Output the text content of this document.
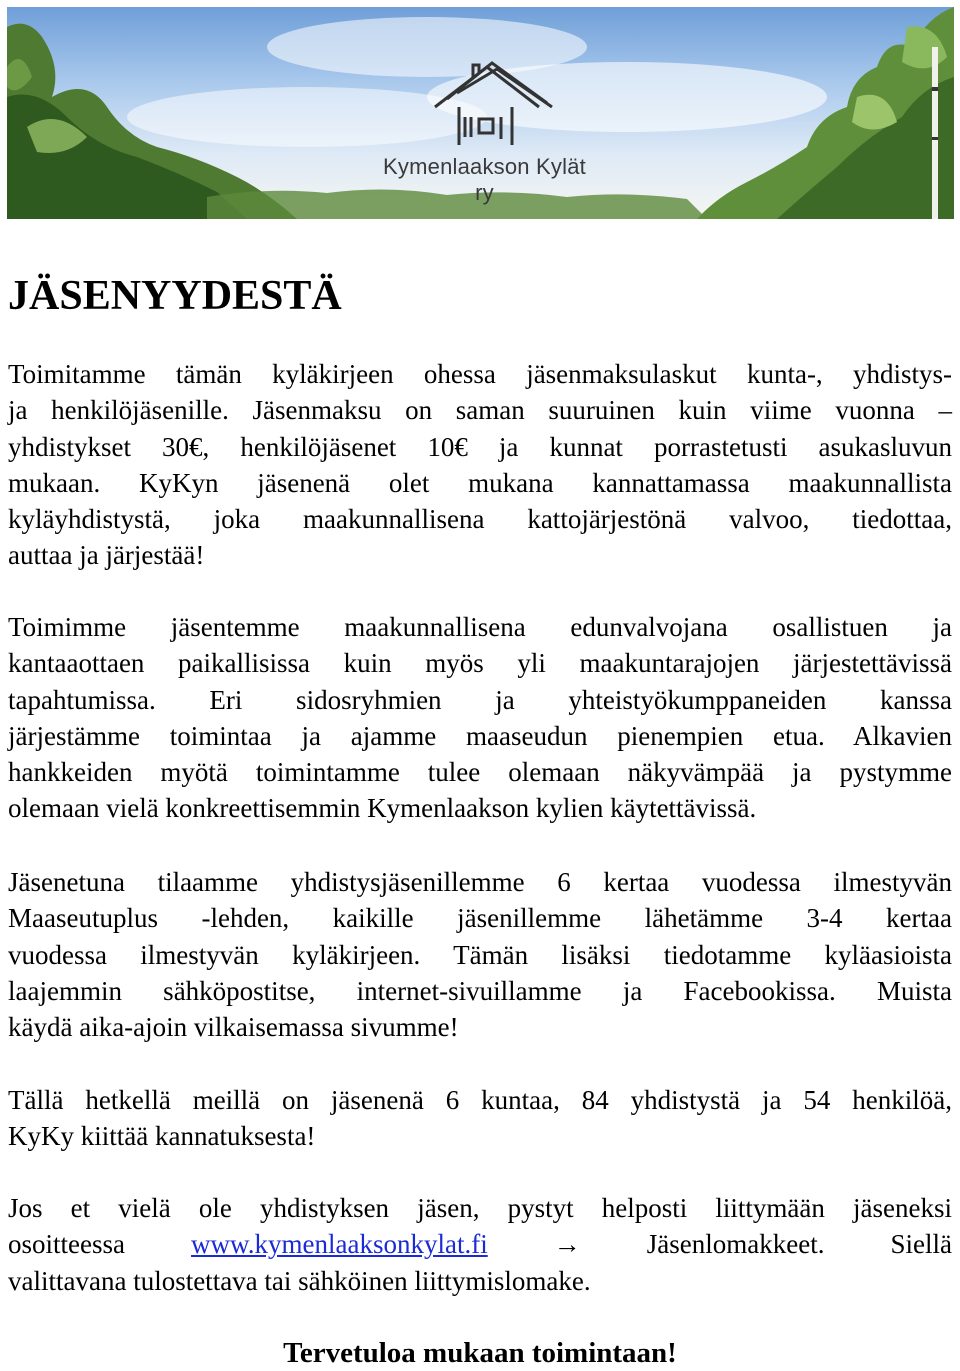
Kymenlaakson Kylät ry
JÄSENYYDESTÄ

Toimitamme tämän kyläkirjeen ohessa jäsenmaksulaskut kunta-, yhdistys-
ja henkilöjäsenille. Jäsenmaksu on saman suuruinen kuin viime vuonna –
yhdistykset 30€, henkilöjäsenet 10€ ja kunnat porrastetusti asukasluvun
mukaan. KyKyn jäsenenä olet mukana kannattamassa maakunnallista
kyläyhdistystä, joka maakunnallisena kattojärjestönä valvoo, tiedottaa,
auttaa ja järjestää!

Toimimme jäsentemme maakunnallisena edunvalvojana osallistuen ja
kantaaottaen paikallisissa kuin myös yli maakuntarajojen järjestettävissä
tapahtumissa. Eri sidosryhmien ja yhteistyökumppaneiden kanssa
järjestämme toimintaa ja ajamme maaseudun pienempien etua. Alkavien
hankkeiden myötä toimintamme tulee olemaan näkyvämpää ja pystymme
olemaan vielä konkreettisemmin Kymenlaakson kylien käytettävissä.

Jäsenetuna tilaamme yhdistysjäsenillemme 6 kertaa vuodessa ilmestyvän
Maaseutuplus -lehden, kaikille jäsenillemme lähetämme 3-4 kertaa
vuodessa ilmestyvän kyläkirjeen. Tämän lisäksi tiedotamme kyläasioista
laajemmin sähköpostitse, internet-sivuillamme ja Facebookissa. Muista
käydä aika-ajoin vilkaisemassa sivumme!

Tällä hetkellä meillä on jäsenenä 6 kuntaa, 84 yhdistystä ja 54 henkilöä,
KyKy kiittää kannatuksesta!

Jos et vielä ole yhdistyksen jäsen, pystyt helposti liittymään jäseneksi
osoitteessa www.kymenlaaksonkylat.fi → Jäsenlomakkeet. Siellä
valittavana tulostettava tai sähköinen liittymislomake.

Tervetuloa mukaan toimintaan!
